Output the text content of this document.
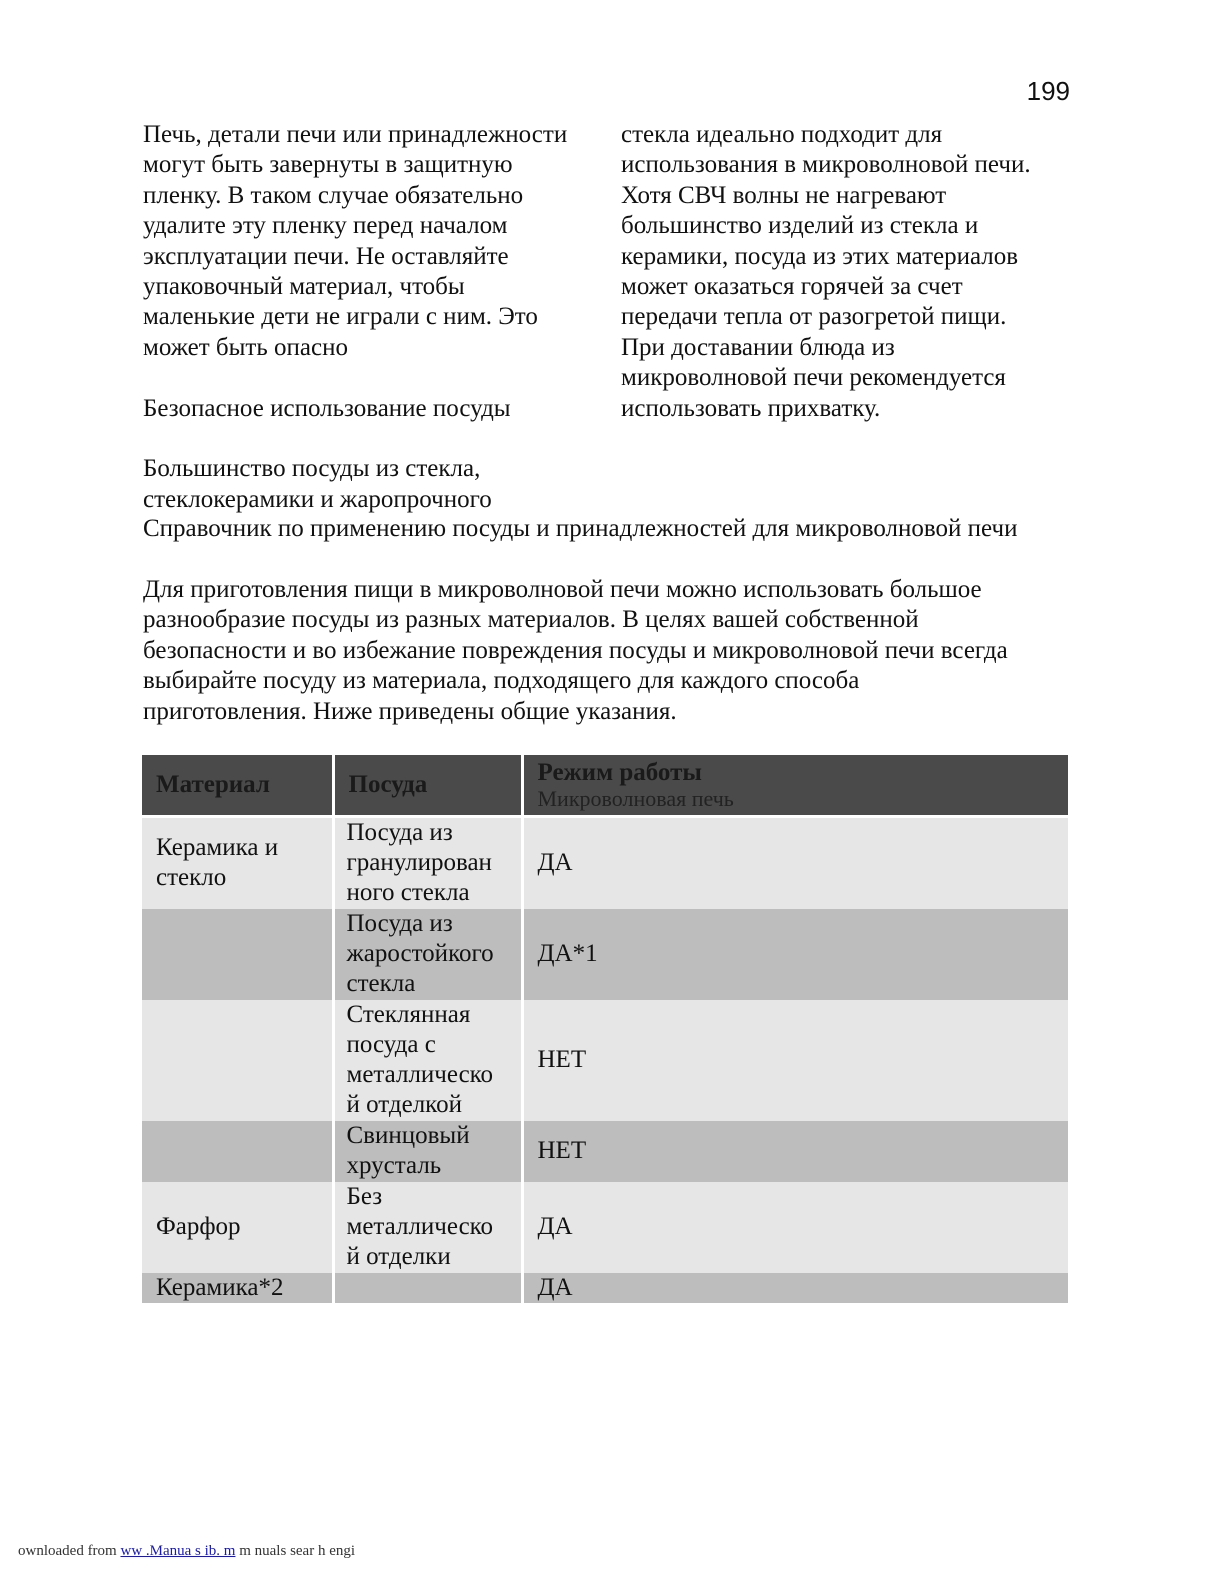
199
Печь, детали печи или принадлежности
могут быть завернуты в защитную
пленку. В таком случае обязательно
удалите эту пленку перед началом
эксплуатации печи. Не оставляйте
упаковочный материал, чтобы
маленькие дети не играли с ним. Это
может быть опасно
Безопасное использование посуды
Большинство посуды из стекла,
стеклокерамики и жаропрочного
стекла идеально подходит для
использования в микроволновой печи.
Хотя СВЧ волны не нагревают
большинство изделий из стекла и
керамики, посуда из этих материалов
может оказаться горячей за счет
передачи тепла от разогретой пищи.
При доставании блюда из
микроволновой печи рекомендуется
использовать прихватку.
Справочник по применению посуды и принадлежностей для микроволновой печи
Для приготовления пищи в микроволновой печи можно использовать большое
разнообразие посуды из разных материалов. В целях вашей собственной
безопасности и во избежание повреждения посуды и микроволновой печи всегда
выбирайте посуду из материала, подходящего для каждого способа
приготовления. Ниже приведены общие указания.
Материал	Посуда	Режим работы
Микроволновая печь

Керамика и
стекло	Посуда из
гранулирован
ного стекла	ДА

	Посуда из
жаростойкого
стекла	ДА*1

	Стеклянная
посуда с
металлическо
й отделкой	НЕТ

	Свинцовый
хрусталь	НЕТ

Фарфор	Без
металлическо
й отделки	ДА

Керамика*2		ДА
ownloaded from ww .Manua s ib. m m nuals sear h engi
